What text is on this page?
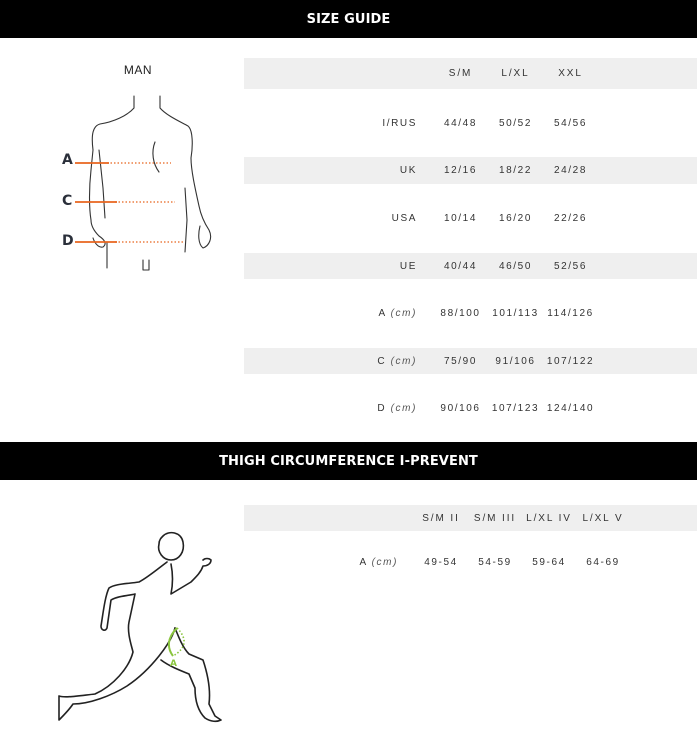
SIZE GUIDE
MAN
A
C
D
	S/M	L/XL	XXL	
I/RUS	44/48	50/52	54/56	
UK	12/16	18/22	24/28	
USA	10/14	16/20	22/26	
UE	40/44	46/50	52/56	
A (cm)	88/100	101/113	114/126	
C (cm)	75/90	91/106	107/122	
D (cm)	90/106	107/123	124/140	
THIGH CIRCUMFERENCE I-PREVENT
A
	S/M II	S/M III	L/XL IV	L/XL V	
A (cm)	49-54	54-59	59-64	64-69	
